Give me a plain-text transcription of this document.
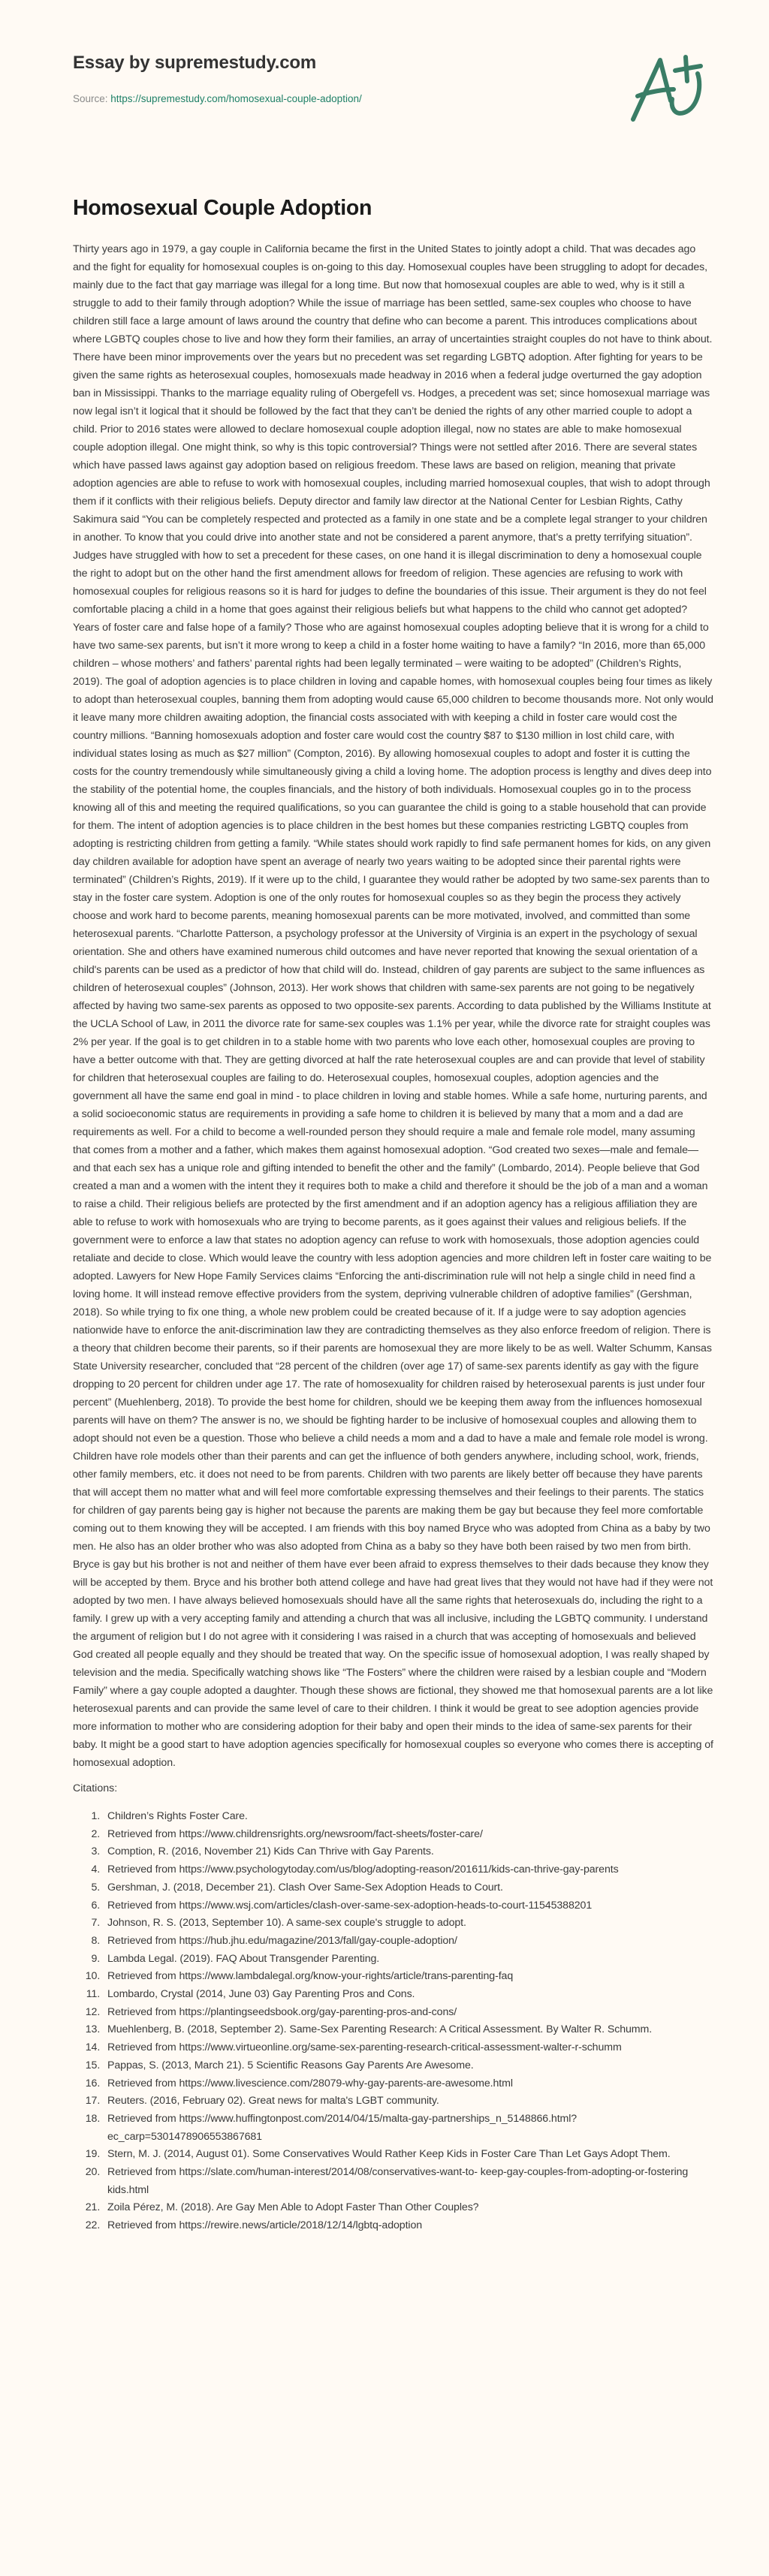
Essay by supremestudy.com
Source: https://supremestudy.com/homosexual-couple-adoption/
Homosexual Couple Adoption

Thirty years ago in 1979, a gay couple in California became the first in the United States to jointly adopt a child. That was decades ago and the fight for equality for homosexual couples is on-going to this day. Homosexual couples have been struggling to adopt for decades, mainly due to the fact that gay marriage was illegal for a long time. But now that homosexual couples are able to wed, why is it still a struggle to add to their family through adoption? While the issue of marriage has been settled, same-sex couples who choose to have children still face a large amount of laws around the country that define who can become a parent. This introduces complications about where LGBTQ couples chose to live and how they form their families, an array of uncertainties straight couples do not have to think about. There have been minor improvements over the years but no precedent was set regarding LGBTQ adoption. After fighting for years to be given the same rights as heterosexual couples, homosexuals made headway in 2016 when a federal judge overturned the gay adoption ban in Mississippi. Thanks to the marriage equality ruling of Obergefell vs. Hodges, a precedent was set; since homosexual marriage was now legal isn’t it logical that it should be followed by the fact that they can’t be denied the rights of any other married couple to adopt a child. Prior to 2016 states were allowed to declare homosexual couple adoption illegal, now no states are able to make homosexual couple adoption illegal. One might think, so why is this topic controversial? Things were not settled after 2016. There are several states which have passed laws against gay adoption based on religious freedom. These laws are based on religion, meaning that private adoption agencies are able to refuse to work with homosexual couples, including married homosexual couples, that wish to adopt through them if it conflicts with their religious beliefs. Deputy director and family law director at the National Center for Lesbian Rights, Cathy Sakimura said “You can be completely respected and protected as a family in one state and be a complete legal stranger to your children in another. To know that you could drive into another state and not be considered a parent anymore, that’s a pretty terrifying situation”. Judges have struggled with how to set a precedent for these cases, on one hand it is illegal discrimination to deny a homosexual couple the right to adopt but on the other hand the first amendment allows for freedom of religion. These agencies are refusing to work with homosexual couples for religious reasons so it is hard for judges to define the boundaries of this issue. Their argument is they do not feel comfortable placing a child in a home that goes against their religious beliefs but what happens to the child who cannot get adopted? Years of foster care and false hope of a family? Those who are against homosexual couples adopting believe that it is wrong for a child to have two same-sex parents, but isn’t it more wrong to keep a child in a foster home waiting to have a family? “In 2016, more than 65,000 children – whose mothers’ and fathers’ parental rights had been legally terminated – were waiting to be adopted” (Children’s Rights, 2019). The goal of adoption agencies is to place children in loving and capable homes, with homosexual couples being four times as likely to adopt than heterosexual couples, banning them from adopting would cause 65,000 children to become thousands more. Not only would it leave many more children awaiting adoption, the financial costs associated with with keeping a child in foster care would cost the country millions. “Banning homosexuals adoption and foster care would cost the country $87 to $130 million in lost child care, with individual states losing as much as $27 million” (Compton, 2016). By allowing homosexual couples to adopt and foster it is cutting the costs for the country tremendously while simultaneously giving a child a loving home. The adoption process is lengthy and dives deep into the stability of the potential home, the couples financials, and the history of both individuals. Homosexual couples go in to the process knowing all of this and meeting the required qualifications, so you can guarantee the child is going to a stable household that can provide for them. The intent of adoption agencies is to place children in the best homes but these companies restricting LGBTQ couples from adopting is restricting children from getting a family. “While states should work rapidly to find safe permanent homes for kids, on any given day children available for adoption have spent an average of nearly two years waiting to be adopted since their parental rights were terminated” (Children’s Rights, 2019). If it were up to the child, I guarantee they would rather be adopted by two same-sex parents than to stay in the foster care system. Adoption is one of the only routes for homosexual couples so as they begin the process they actively choose and work hard to become parents, meaning homosexual parents can be more motivated, involved, and committed than some heterosexual parents. “Charlotte Patterson, a psychology professor at the University of Virginia is an expert in the psychology of sexual orientation. She and others have examined numerous child outcomes and have never reported that knowing the sexual orientation of a child's parents can be used as a predictor of how that child will do. Instead, children of gay parents are subject to the same influences as children of heterosexual couples” (Johnson, 2013). Her work shows that children with same-sex parents are not going to be negatively affected by having two same-sex parents as opposed to two opposite-sex parents. According to data published by the Williams Institute at the UCLA School of Law, in 2011 the divorce rate for same-sex couples was 1.1% per year, while the divorce rate for straight couples was 2% per year. If the goal is to get children in to a stable home with two parents who love each other, homosexual couples are proving to have a better outcome with that. They are getting divorced at half the rate heterosexual couples are and can provide that level of stability for children that heterosexual couples are failing to do. Heterosexual couples, homosexual couples, adoption agencies and the government all have the same end goal in mind - to place children in loving and stable homes. While a safe home, nurturing parents, and a solid socioeconomic status are requirements in providing a safe home to children it is believed by many that a mom and a dad are requirements as well. For a child to become a well-rounded person they should require a male and female role model, many assuming that comes from a mother and a father, which makes them against homosexual adoption. “God created two sexes—male and female—and that each sex has a unique role and gifting intended to benefit the other and the family” (Lombardo, 2014). People believe that God created a man and a women with the intent they it requires both to make a child and therefore it should be the job of a man and a woman to raise a child. Their religious beliefs are protected by the first amendment and if an adoption agency has a religious affiliation they are able to refuse to work with homosexuals who are trying to become parents, as it goes against their values and religious beliefs. If the government were to enforce a law that states no adoption agency can refuse to work with homosexuals, those adoption agencies could retaliate and decide to close. Which would leave the country with less adoption agencies and more children left in foster care waiting to be adopted. Lawyers for New Hope Family Services claims “Enforcing the anti-discrimination rule will not help a single child in need find a loving home. It will instead remove effective providers from the system, depriving vulnerable children of adoptive families” (Gershman, 2018). So while trying to fix one thing, a whole new problem could be created because of it. If a judge were to say adoption agencies nationwide have to enforce the anit-discrimination law they are contradicting themselves as they also enforce freedom of religion. There is a theory that children become their parents, so if their parents are homosexual they are more likely to be as well. Walter Schumm, Kansas State University researcher, concluded that “28 percent of the children (over age 17) of same-sex parents identify as gay with the figure dropping to 20 percent for children under age 17. The rate of homosexuality for children raised by heterosexual parents is just under four percent” (Muehlenberg, 2018). To provide the best home for children, should we be keeping them away from the influences homosexual parents will have on them? The answer is no, we should be fighting harder to be inclusive of homosexual couples and allowing them to adopt should not even be a question. Those who believe a child needs a mom and a dad to have a male and female role model is wrong. Children have role models other than their parents and can get the influence of both genders anywhere, including school, work, friends, other family members, etc. it does not need to be from parents. Children with two parents are likely better off because they have parents that will accept them no matter what and will feel more comfortable expressing themselves and their feelings to their parents. The statics for children of gay parents being gay is higher not because the parents are making them be gay but because they feel more comfortable coming out to them knowing they will be accepted. I am friends with this boy named Bryce who was adopted from China as a baby by two men. He also has an older brother who was also adopted from China as a baby so they have both been raised by two men from birth. Bryce is gay but his brother is not and neither of them have ever been afraid to express themselves to their dads because they know they will be accepted by them. Bryce and his brother both attend college and have had great lives that they would not have had if they were not adopted by two men. I have always believed homosexuals should have all the same rights that heterosexuals do, including the right to a family. I grew up with a very accepting family and attending a church that was all inclusive, including the LGBTQ community. I understand the argument of religion but I do not agree with it considering I was raised in a church that was accepting of homosexuals and believed God created all people equally and they should be treated that way. On the specific issue of homosexual adoption, I was really shaped by television and the media. Specifically watching shows like “The Fosters” where the children were raised by a lesbian couple and “Modern Family” where a gay couple adopted a daughter. Though these shows are fictional, they showed me that homosexual parents are a lot like heterosexual parents and can provide the same level of care to their children. I think it would be great to see adoption agencies provide more information to mother who are considering adoption for their baby and open their minds to the idea of same-sex parents for their baby. It might be a good start to have adoption agencies specifically for homosexual couples so everyone who comes there is accepting of homosexual adoption.

Citations:
1. Children’s Rights Foster Care.
2. Retrieved from https://www.childrensrights.org/newsroom/fact-sheets/foster-care/
3. Comption, R. (2016, November 21) Kids Can Thrive with Gay Parents.
4. Retrieved from https://www.psychologytoday.com/us/blog/adopting-reason/201611/kids-can-thrive-gay-parents
5. Gershman, J. (2018, December 21). Clash Over Same-Sex Adoption Heads to Court.
6. Retrieved from https://www.wsj.com/articles/clash-over-same-sex-adoption-heads-to-court-11545388201
7. Johnson, R. S. (2013, September 10). A same-sex couple's struggle to adopt.
8. Retrieved from https://hub.jhu.edu/magazine/2013/fall/gay-couple-adoption/
9. Lambda Legal. (2019). FAQ About Transgender Parenting.
10. Retrieved from https://www.lambdalegal.org/know-your-rights/article/trans-parenting-faq
11. Lombardo, Crystal (2014, June 03) Gay Parenting Pros and Cons.
12. Retrieved from https://plantingseedsbook.org/gay-parenting-pros-and-cons/
13. Muehlenberg, B. (2018, September 2). Same-Sex Parenting Research: A Critical Assessment. By Walter R. Schumm.
14. Retrieved from https://www.virtueonline.org/same-sex-parenting-research-critical-assessment-walter-r-schumm
15. Pappas, S. (2013, March 21). 5 Scientific Reasons Gay Parents Are Awesome.
16. Retrieved from https://www.livescience.com/28079-why-gay-parents-are-awesome.html
17. Reuters. (2016, February 02). Great news for malta's LGBT community.
18. Retrieved from https://www.huffingtonpost.com/2014/04/15/malta-gay-partnerships_n_5148866.html?ec_carp=5301478906553867681
19. Stern, M. J. (2014, August 01). Some Conservatives Would Rather Keep Kids in Foster Care Than Let Gays Adopt Them.
20. Retrieved from https://slate.com/human-interest/2014/08/conservatives-want-to- keep-gay-couples-from-adopting-or-fostering kids.html
21. Zoila Pérez, M. (2018). Are Gay Men Able to Adopt Faster Than Other Couples?
22. Retrieved from https://rewire.news/article/2018/12/14/lgbtq-adoption
